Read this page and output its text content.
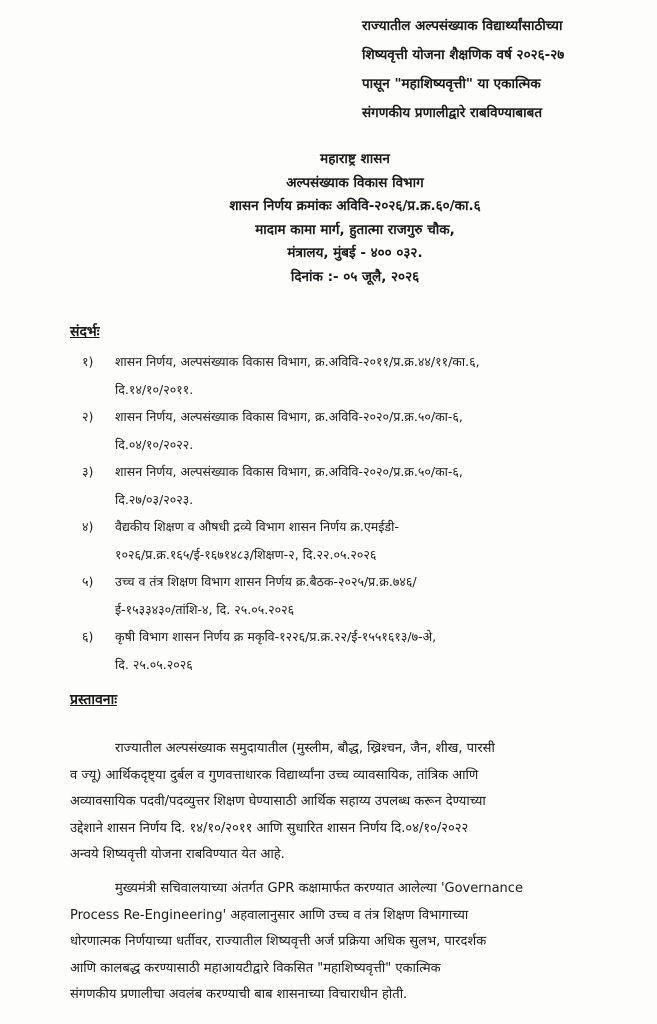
राज्यातील अल्पसंख्याक विद्यार्थ्यांसाठीच्या
शिष्यवृत्ती योजना शैक्षणिक वर्ष २०२६-२७
पासून "महाशिष्यवृत्ती" या एकात्मिक
संगणकीय प्रणालीद्वारे राबविण्याबाबत
महाराष्ट्र शासन
अल्पसंख्याक विकास विभाग
शासन निर्णय क्रमांकः अविवि-२०२६/प्र.क्र.६०/का.६
मादाम कामा मार्ग, हुतात्मा राजगुरु चौक,
मंत्रालय, मुंबई - ४०० ०३२.
दिनांक :- ०५ जूलै, २०२६
संदर्भः
१) शासन निर्णय, अल्पसंख्याक विकास विभाग, क्र.अविवि-२०११/प्र.क्र.४४/११/का.६,
दि.१४/१०/२०११.
२) शासन निर्णय, अल्पसंख्याक विकास विभाग, क्र.अविवि-२०२०/प्र.क्र.५०/का-६,
दि.०४/१०/२०२२.
३) शासन निर्णय, अल्पसंख्याक विकास विभाग, क्र.अविवि-२०२०/प्र.क्र.५०/का-६,
दि.२७/०३/२०२३.
४) वैद्यकीय शिक्षण व औषधी द्रव्ये विभाग शासन निर्णय क्र.एमईडी-
१०२६/प्र.क्र.१६५/ई-१६७१४८३/शिक्षण-२, दि.२२.०५.२०२६
५) उच्च व तंत्र शिक्षण विभाग शासन निर्णय क्र.बैठक-२०२५/प्र.क्र.७४६/
ई-१५३३४३०/तांशि-४, दि. २५.०५.२०२६
६) कृषी विभाग शासन निर्णय क्र मकृवि-१२२६/प्र.क्र.२२/ई-१५५१६१३/७-अे,
दि. २५.०५.२०२६
प्रस्तावनाः
राज्यातील अल्पसंख्याक समुदायातील (मुस्लीम, बौद्ध, ख्रिश्चन, जैन, शीख, पारसी
व ज्यू) आर्थिकदृष्ट्या दुर्बल व गुणवत्ताधारक विद्यार्थ्यांना उच्च व्यावसायिक, तांत्रिक आणि
अव्यावसायिक पदवी/पदव्युत्तर शिक्षण घेण्यासाठी आर्थिक सहाय्य उपलब्ध करून देण्याच्या
उद्देशाने शासन निर्णय दि. १४/१०/२०११ आणि सुधारित शासन निर्णय दि.०४/१०/२०२२
अन्वये शिष्यवृत्ती योजना राबविण्यात येत आहे.
मुख्यमंत्री सचिवालयाच्या अंतर्गत GPR कक्षामार्फत करण्यात आलेल्या 'Governance
Process Re-Engineering' अहवालानुसार आणि उच्च व तंत्र शिक्षण विभागाच्या
धोरणात्मक निर्णयाच्या धर्तीवर, राज्यातील शिष्यवृत्ती अर्ज प्रक्रिया अधिक सुलभ, पारदर्शक
आणि कालबद्ध करण्यासाठी महाआयटीद्वारे विकसित "महाशिष्यवृत्ती" एकात्मिक
संगणकीय प्रणालीचा अवलंब करण्याची बाब शासनाच्या विचाराधीन होती.
